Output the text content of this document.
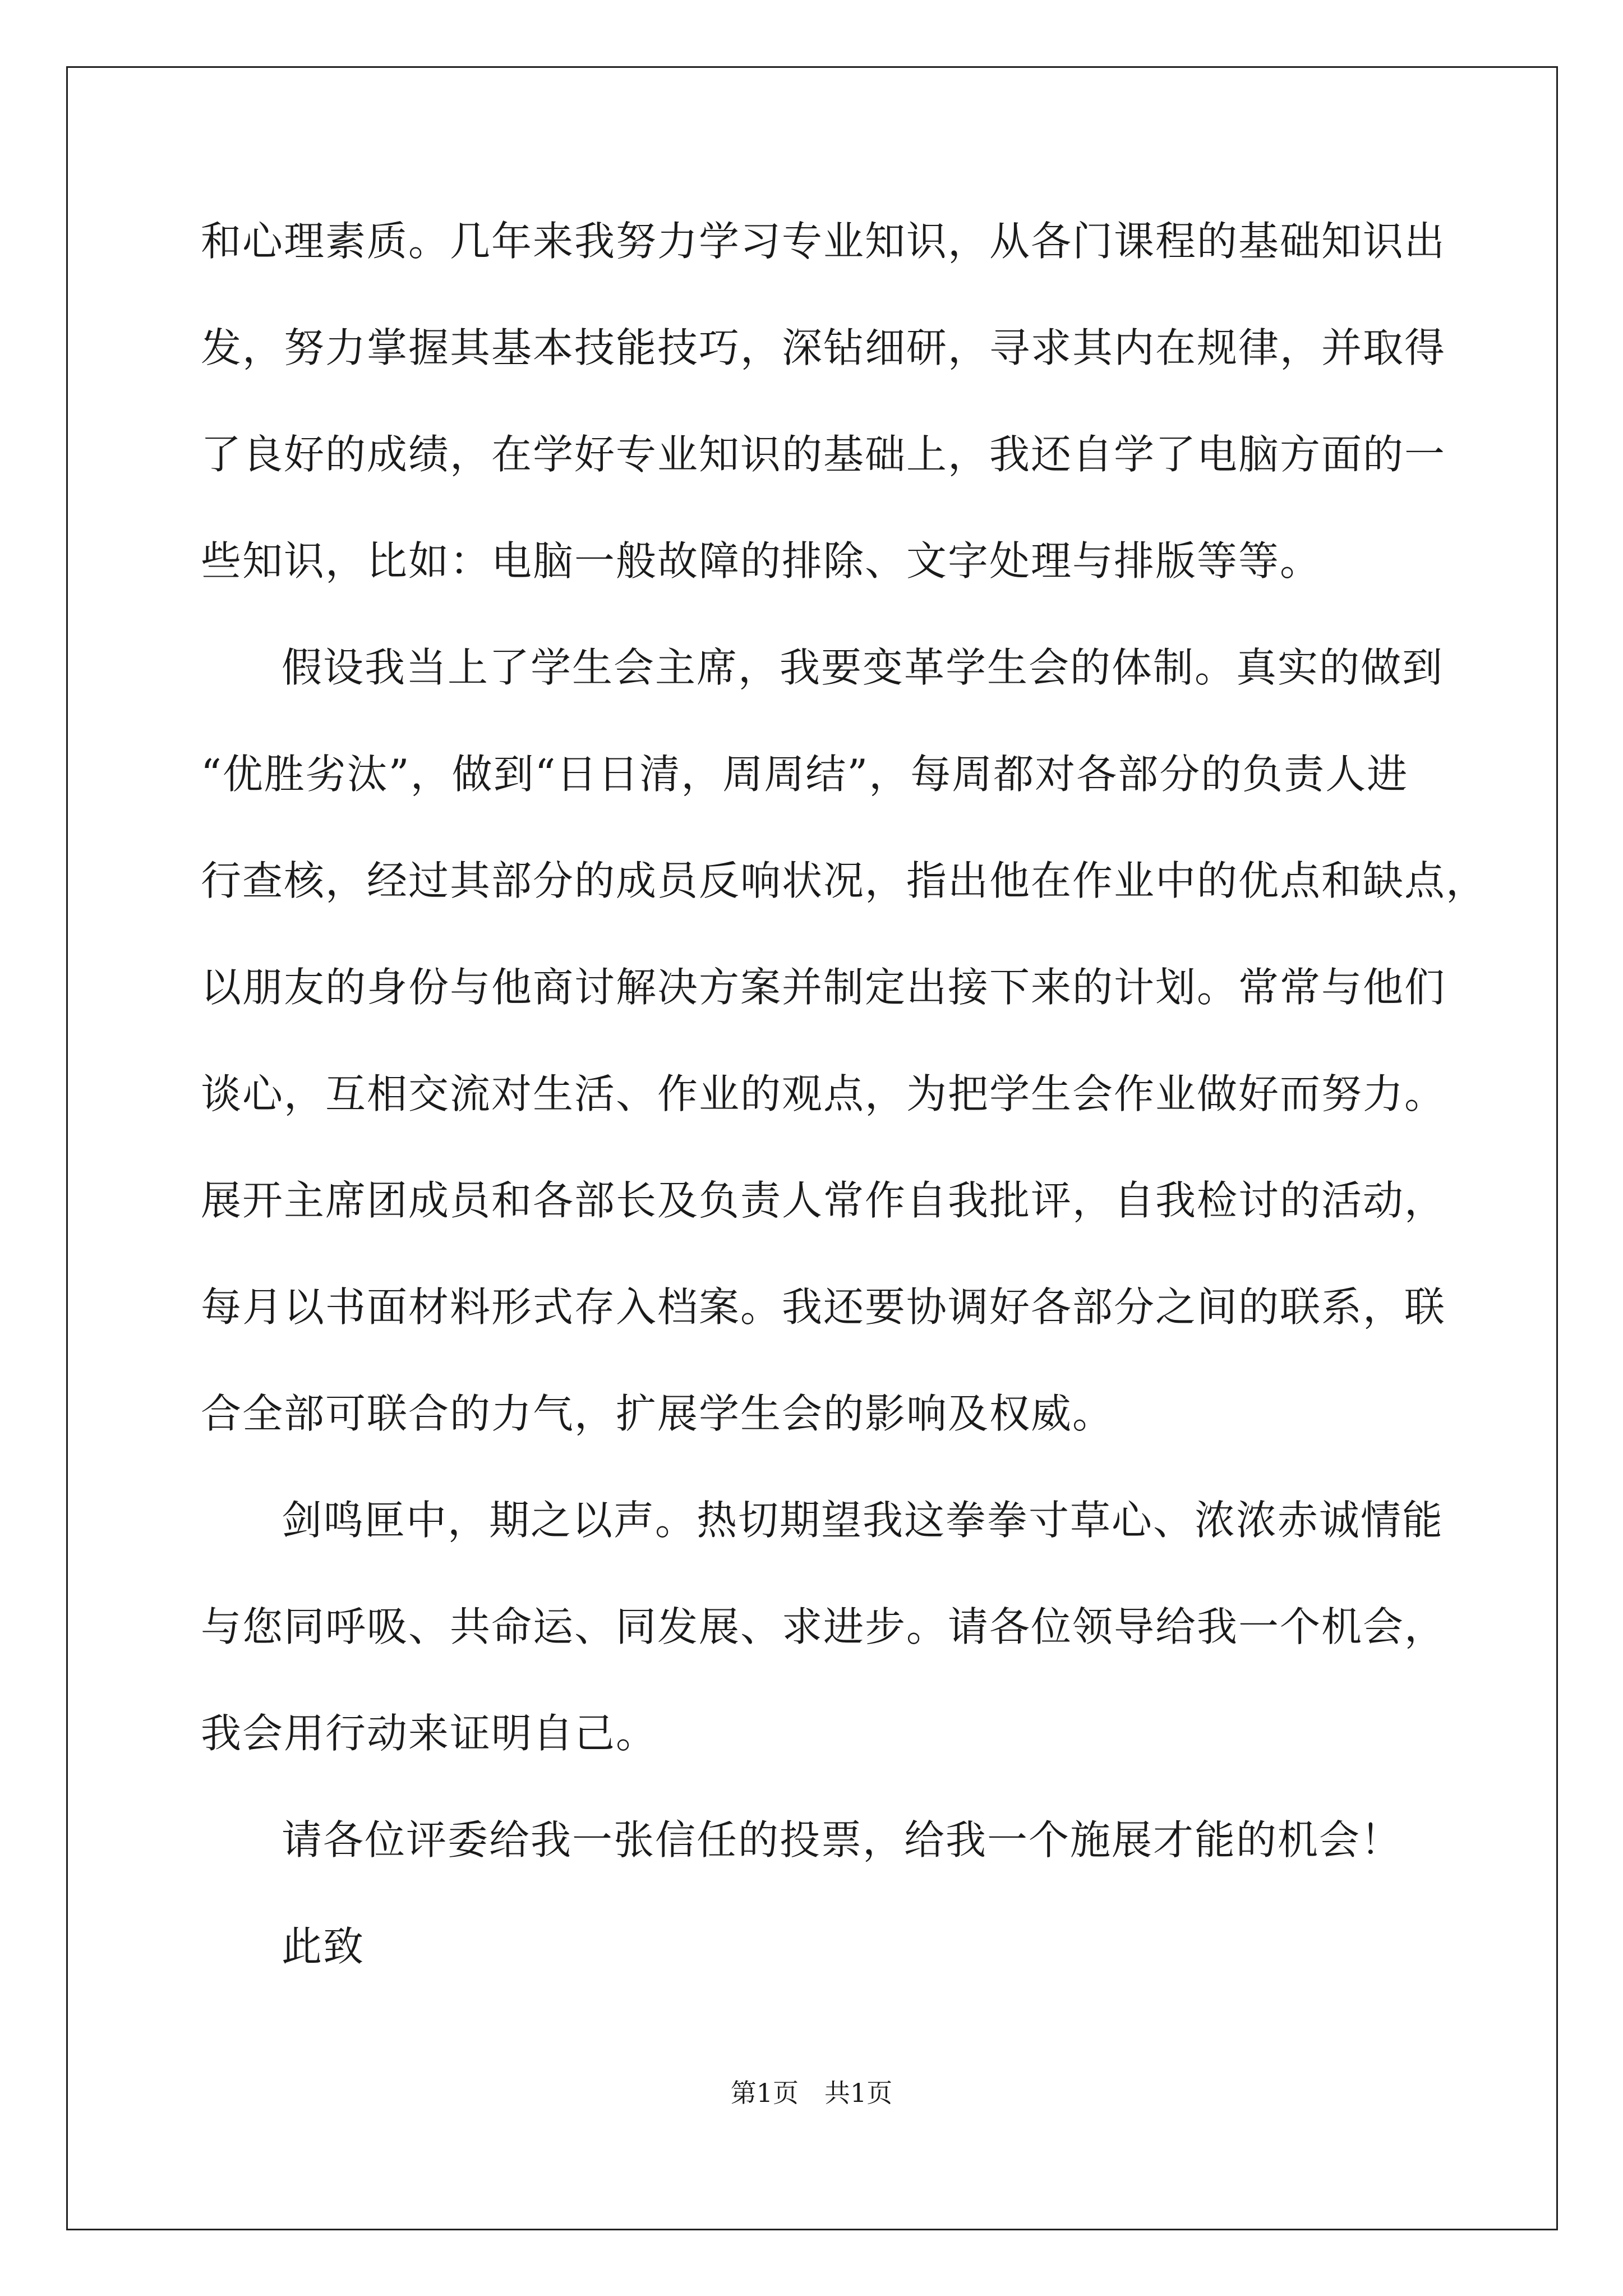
和心理素质。几年来我努力学习专业知识，从各门课程的基础知识出
发，努力掌握其基本技能技巧，深钻细研，寻求其内在规律，并取得
了良好的成绩，在学好专业知识的基础上，我还自学了电脑方面的一
些知识，比如：电脑一般故障的排除、文字处理与排版等等。
假设我当上了学生会主席，我要变革学生会的体制。真实的做到
“优胜劣汰”，做到“日日清，周周结”，每周都对各部分的负责人进
行查核，经过其部分的成员反响状况，指出他在作业中的优点和缺点，
以朋友的身份与他商讨解决方案并制定出接下来的计划。常常与他们
谈心，互相交流对生活、作业的观点，为把学生会作业做好而努力。
展开主席团成员和各部长及负责人常作自我批评，自我检讨的活动，
每月以书面材料形式存入档案。我还要协调好各部分之间的联系，联
合全部可联合的力气，扩展学生会的影响及权威。
剑鸣匣中，期之以声。热切期望我这拳拳寸草心、浓浓赤诚情能
与您同呼吸、共命运、同发展、求进步。请各位领导给我一个机会，
我会用行动来证明自己。
请各位评委给我一张信任的投票，给我一个施展才能的机会！
此致
第1页　共1页
